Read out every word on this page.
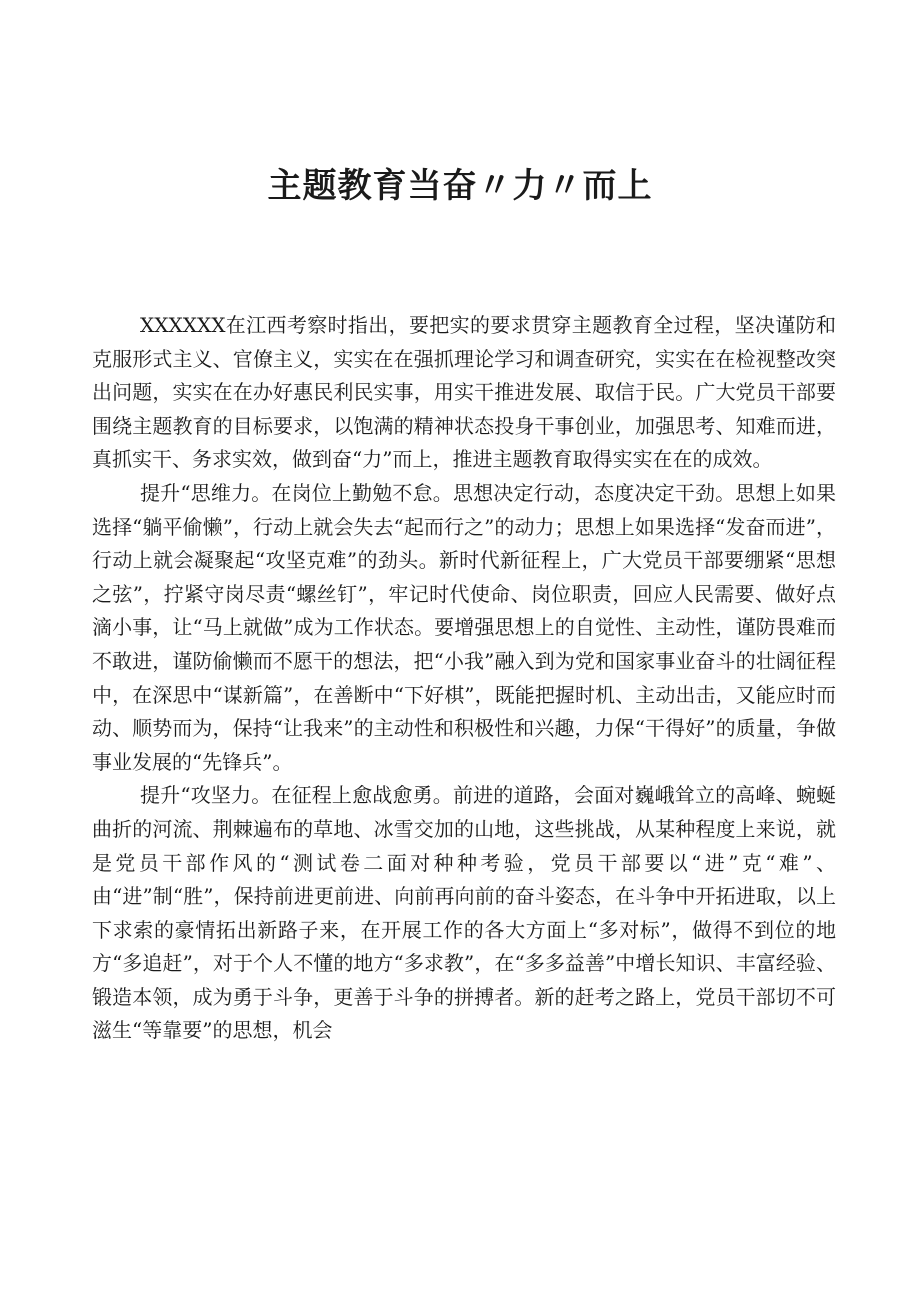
主题教育当奋〃力〃而上

XXXXXX在江西考察时指出，要把实的要求贯穿主题教育全过程，坚决谨防和克服形式主义、官僚主义，实实在在强抓理论学习和调查研究，实实在在检视整改突出问题，实实在在办好惠民利民实事，用实干推进发展、取信于民。广大党员干部要围绕主题教育的目标要求，以饱满的精神状态投身干事创业，加强思考、知难而进，真抓实干、务求实效，做到奋“力”而上，推进主题教育取得实实在在的成效。

提升“思维力。在岗位上勤勉不怠。思想决定行动，态度决定干劲。思想上如果选择“躺平偷懒”，行动上就会失去“起而行之”的动力；思想上如果选择“发奋而进”，行动上就会凝聚起“攻坚克难”的劲头。新时代新征程上，广大党员干部要绷紧“思想之弦”，拧紧守岗尽责“螺丝钉”，牢记时代使命、岗位职责，回应人民需要、做好点滴小事，让“马上就做”成为工作状态。要增强思想上的自觉性、主动性，谨防畏难而不敢进，谨防偷懒而不愿干的想法，把“小我”融入到为党和国家事业奋斗的壮阔征程中，在深思中“谋新篇”，在善断中“下好棋”，既能把握时机、主动出击，又能应时而动、顺势而为，保持“让我来”的主动性和积极性和兴趣，力保“干得好”的质量，争做事业发展的“先锋兵”。

提升“攻坚力。在征程上愈战愈勇。前进的道路，会面对巍峨耸立的高峰、蜿蜒曲折的河流、荆棘遍布的草地、冰雪交加的山地，这些挑战，从某种程度上来说，就是党员干部作风的“测试卷二面对种种考验，党员干部要以“进”克“难”、由“进”制“胜”，保持前进更前进、向前再向前的奋斗姿态，在斗争中开拓进取，以上下求索的豪情拓出新路子来，在开展工作的各大方面上“多对标”，做得不到位的地方“多追赶”，对于个人不懂的地方“多求教”，在“多多益善”中增长知识、丰富经验、锻造本领，成为勇于斗争，更善于斗争的拼搏者。新的赶考之路上，党员干部切不可滋生“等靠要”的思想，机会
